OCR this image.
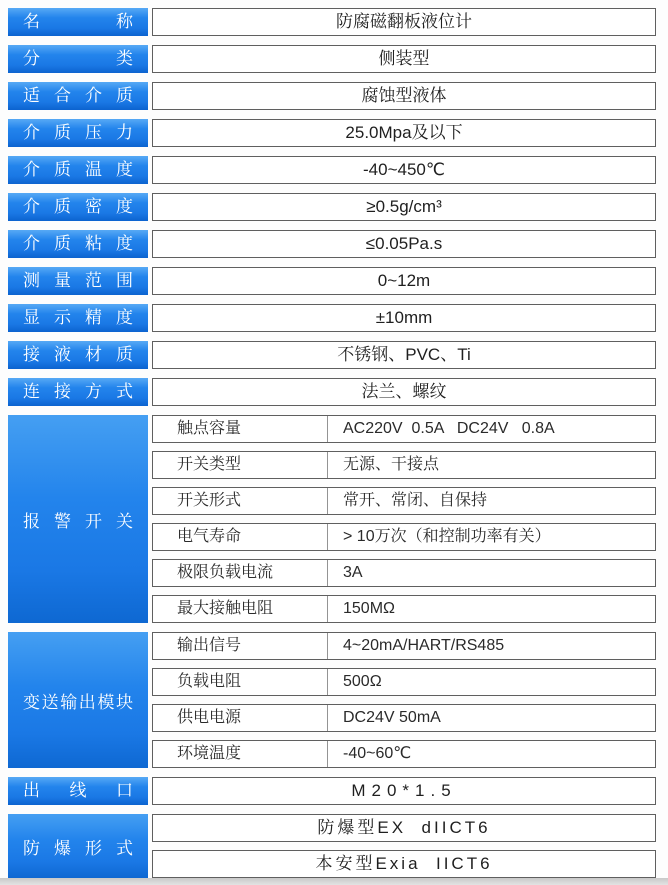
名 称	防腐磁翻板液位计
分 类	侧装型
适合介质	腐蚀型液体
介质压力	25.0Mpa及以下
介质温度	-40~450℃
介质密度	≥0.5g/cm³
介质粘度	≤0.05Pa.s
测量范围	0~12m
显示精度	±10mm
接液材质	不锈钢、PVC、Ti
连接方式	法兰、螺纹
报警开关
触点容量	AC220V  0.5A   DC24V   0.8A
开关类型	无源、干接点
开关形式	常开、常闭、自保持
电气寿命	> 10万次（和控制功率有关）
极限负载电流	3A
最大接触电阻	150MΩ
变送输出模块
输出信号	4~20mA/HART/RS485
负载电阻	500Ω
供电电源	DC24V 50mA
环境温度	-40~60℃
出 线 口	M20*1.5
防爆形式
防爆型EX  dIICT6
本安型Exia  IICT6
